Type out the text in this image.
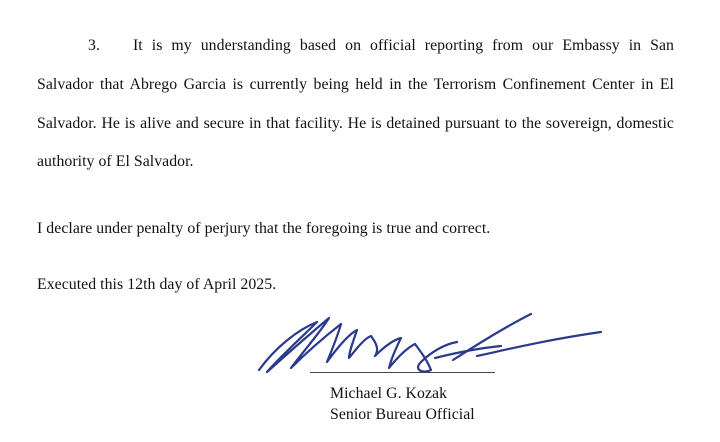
3. It is my understanding based on official reporting from our Embassy in San
Salvador that Abrego Garcia is currently being held in the Terrorism Confinement Center in El
Salvador. He is alive and secure in that facility. He is detained pursuant to the sovereign, domestic
authority of El Salvador.
I declare under penalty of perjury that the foregoing is true and correct.
Executed this 12th day of April 2025.
Michael G. Kozak
Senior Bureau Official
